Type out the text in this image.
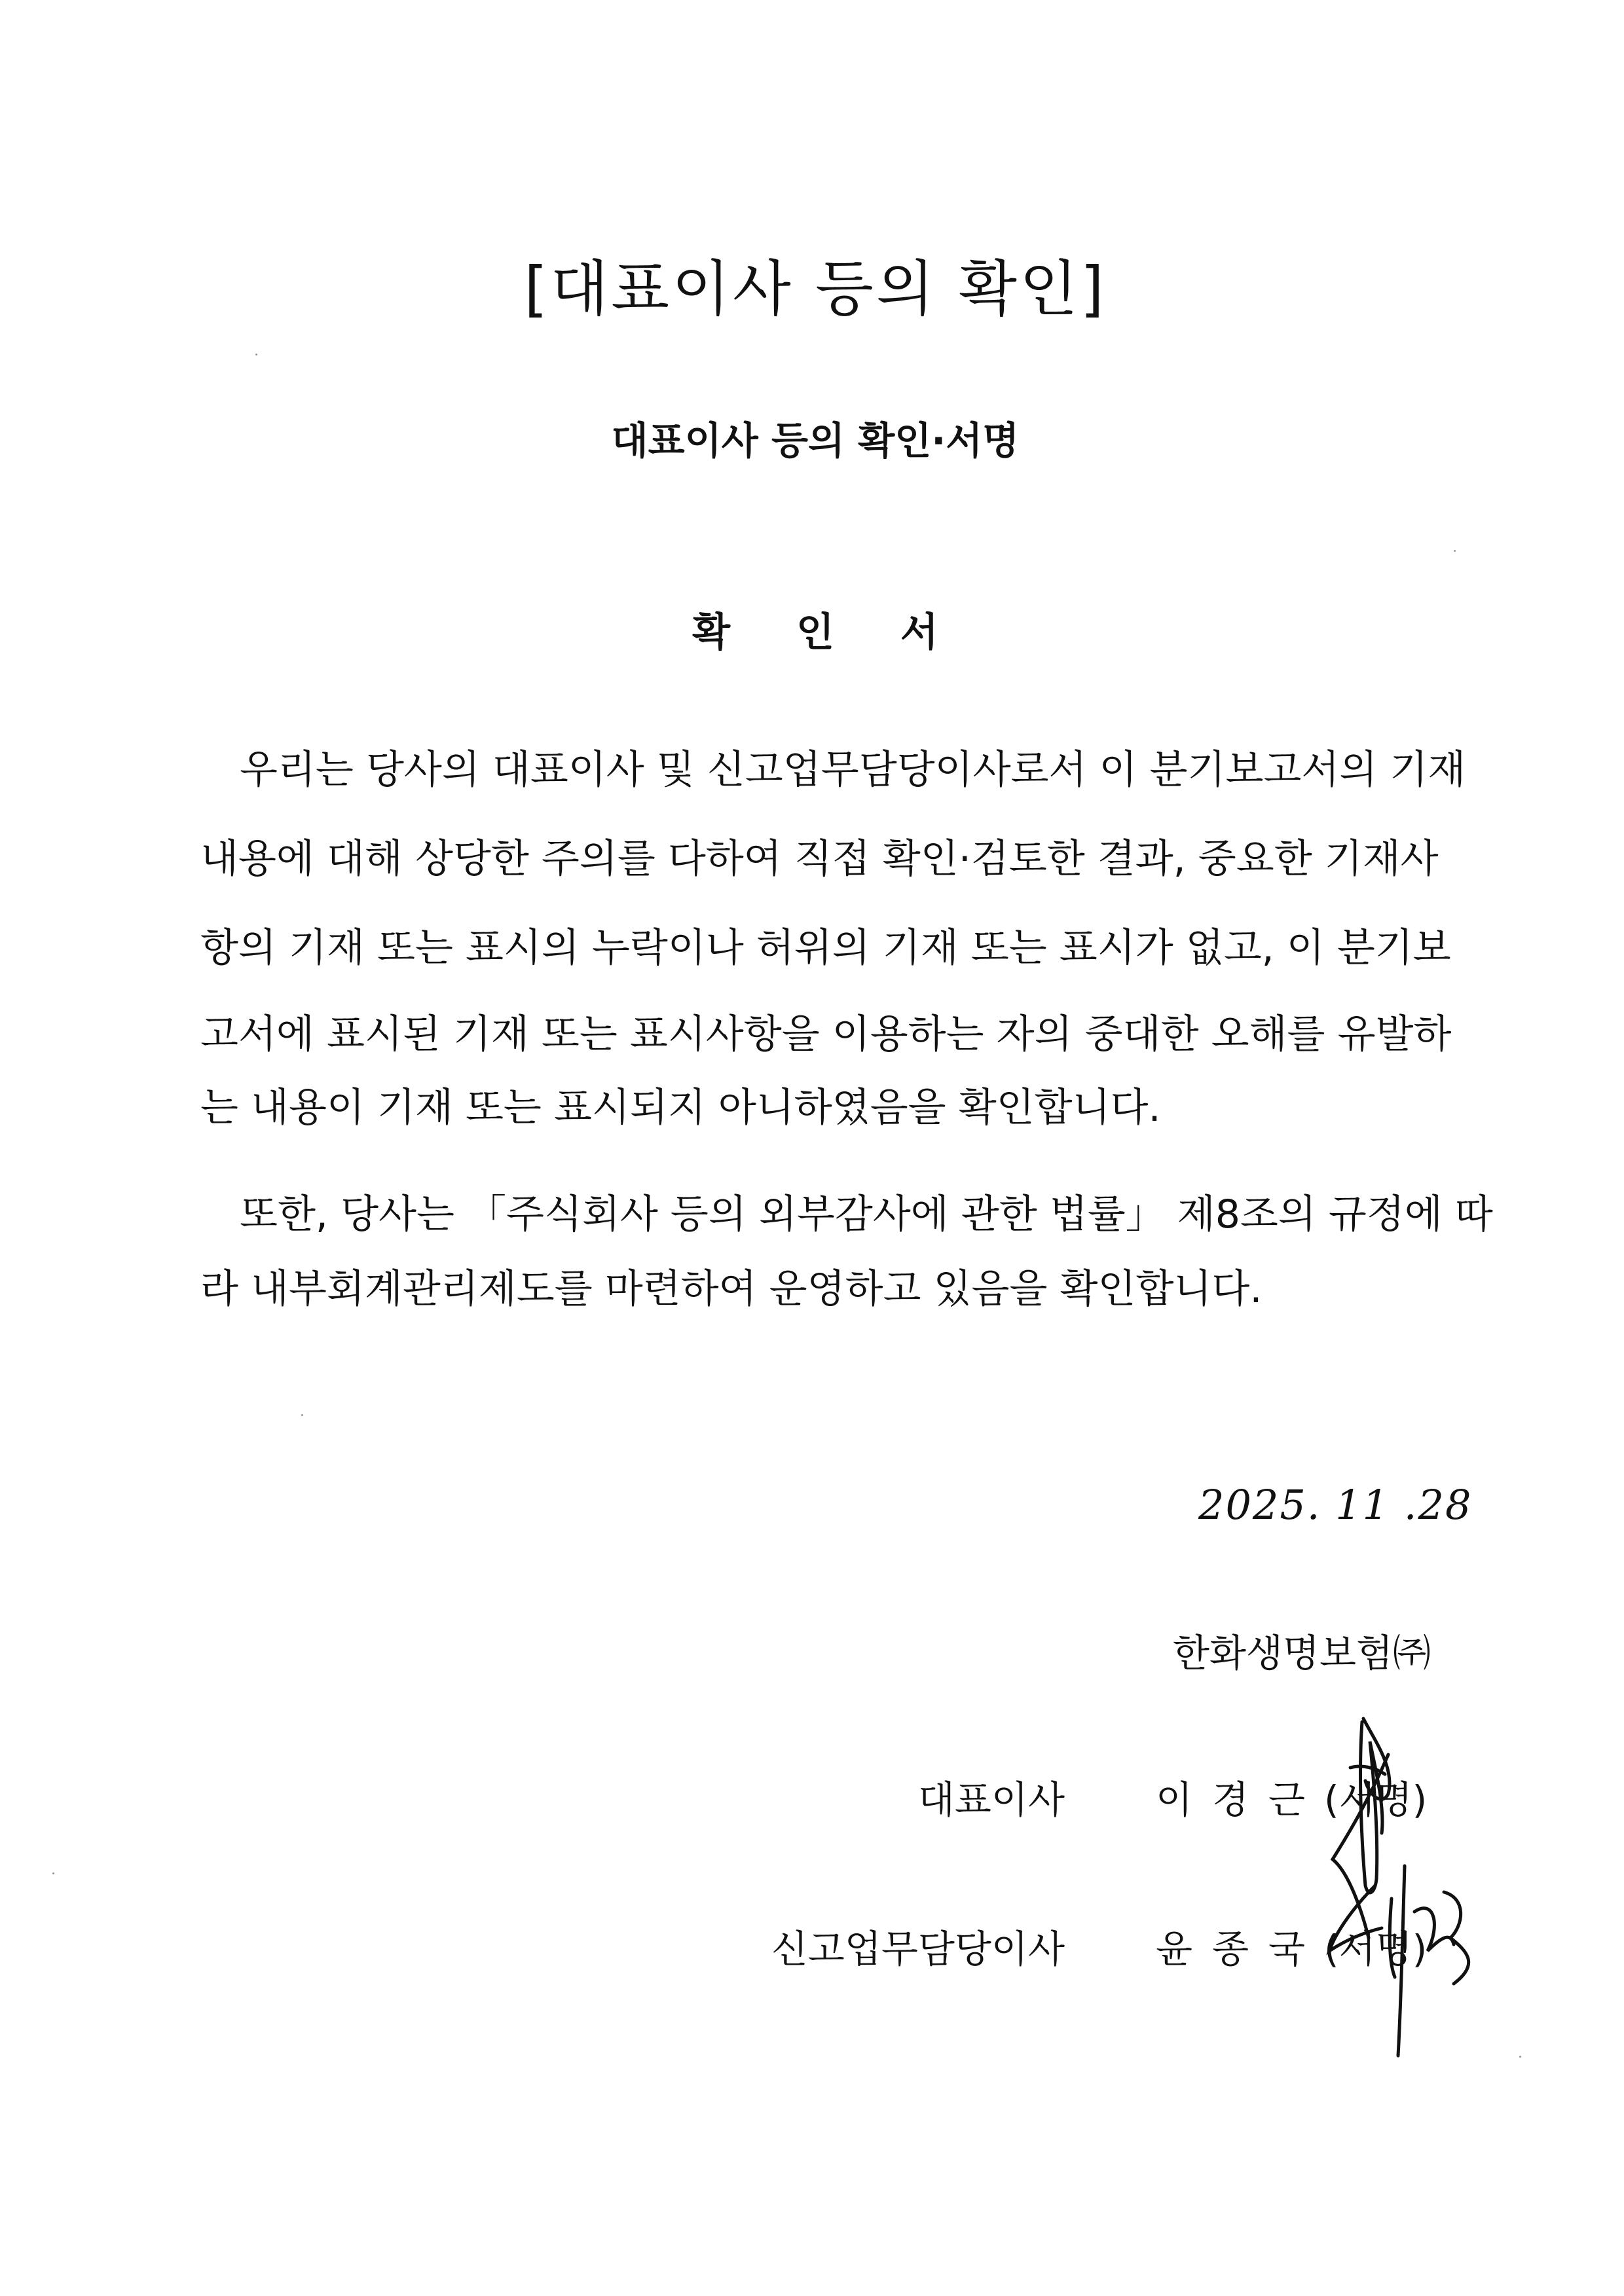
[대표이사 등의 확인]
대표이사 등의 확인·서명
확 인 서
　우리는 당사의 대표이사 및 신고업무담당이사로서 이 분기보고서의 기재
내용에 대해 상당한 주의를 다하여 직접 확인·검토한 결과, 중요한 기재사
항의 기재 또는 표시의 누락이나 허위의 기재 또는 표시가 없고, 이 분기보
고서에 표시된 기재 또는 표시사항을 이용하는 자의 중대한 오해를 유발하
는 내용이 기재 또는 표시되지 아니하였음을 확인합니다.
　또한, 당사는 「주식회사 등의 외부감사에 관한 법률」 제8조의 규정에 따
라 내부회계관리제도를 마련하여 운영하고 있음을 확인합니다.
2025. 11 .28
한화생명보험㈜
대표이사 이경근
(서명)
신고업무담당이사 윤종국
(서명)
